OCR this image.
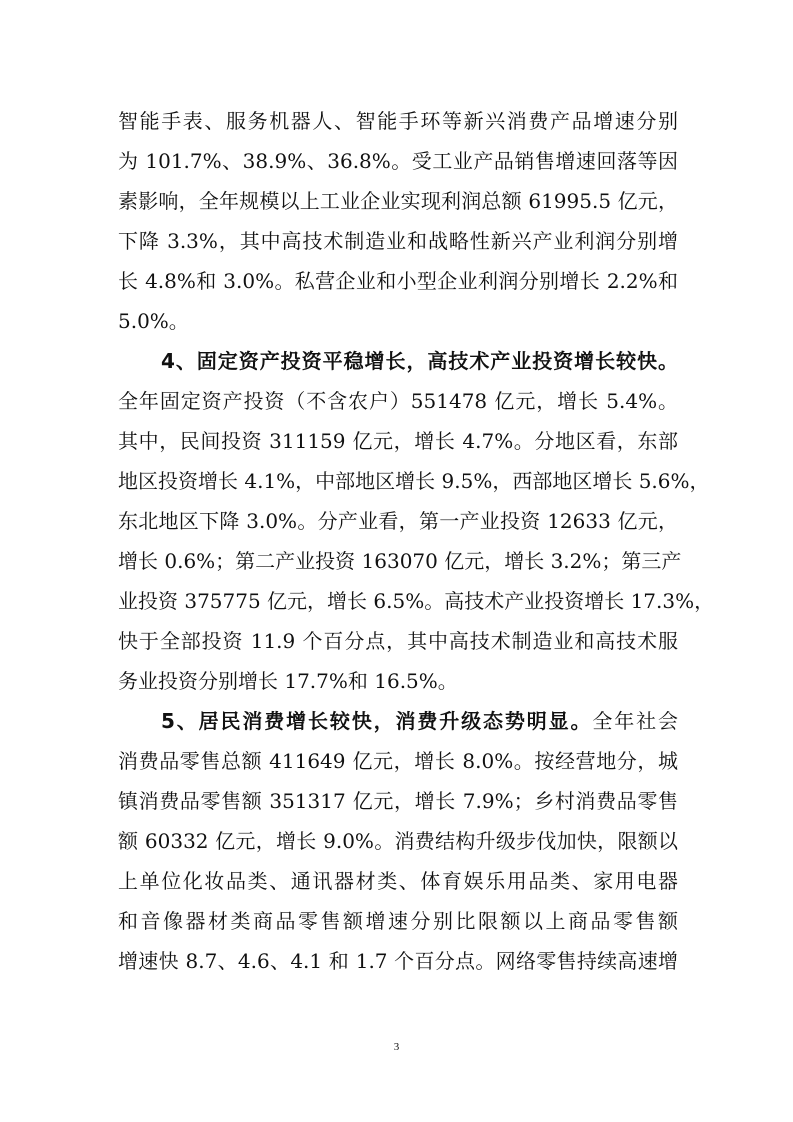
智能手表、服务机器人、智能手环等新兴消费产品增速分别
为 101.7%、38.9%、36.8%。受工业产品销售增速回落等因
素影响，全年规模以上工业企业实现利润总额 61995.5 亿元，
下降 3.3%，其中高技术制造业和战略性新兴产业利润分别增
长 4.8%和 3.0%。私营企业和小型企业利润分别增长 2.2%和
5.0%。
4、固定资产投资平稳增长，高技术产业投资增长较快。
全年固定资产投资（不含农户）551478 亿元，增长 5.4%。
其中，民间投资 311159 亿元，增长 4.7%。分地区看，东部
地区投资增长 4.1%，中部地区增长 9.5%，西部地区增长 5.6%，
东北地区下降 3.0%。分产业看，第一产业投资 12633 亿元，
增长 0.6%；第二产业投资 163070 亿元，增长 3.2%；第三产
业投资 375775 亿元，增长 6.5%。高技术产业投资增长 17.3%，
快于全部投资 11.9 个百分点，其中高技术制造业和高技术服
务业投资分别增长 17.7%和 16.5%。
5、居民消费增长较快，消费升级态势明显。全年社会
消费品零售总额 411649 亿元，增长 8.0%。按经营地分，城
镇消费品零售额 351317 亿元，增长 7.9%；乡村消费品零售
额 60332 亿元，增长 9.0%。消费结构升级步伐加快，限额以
上单位化妆品类、通讯器材类、体育娱乐用品类、家用电器
和音像器材类商品零售额增速分别比限额以上商品零售额
增速快 8.7、4.6、4.1 和 1.7 个百分点。网络零售持续高速增
3
